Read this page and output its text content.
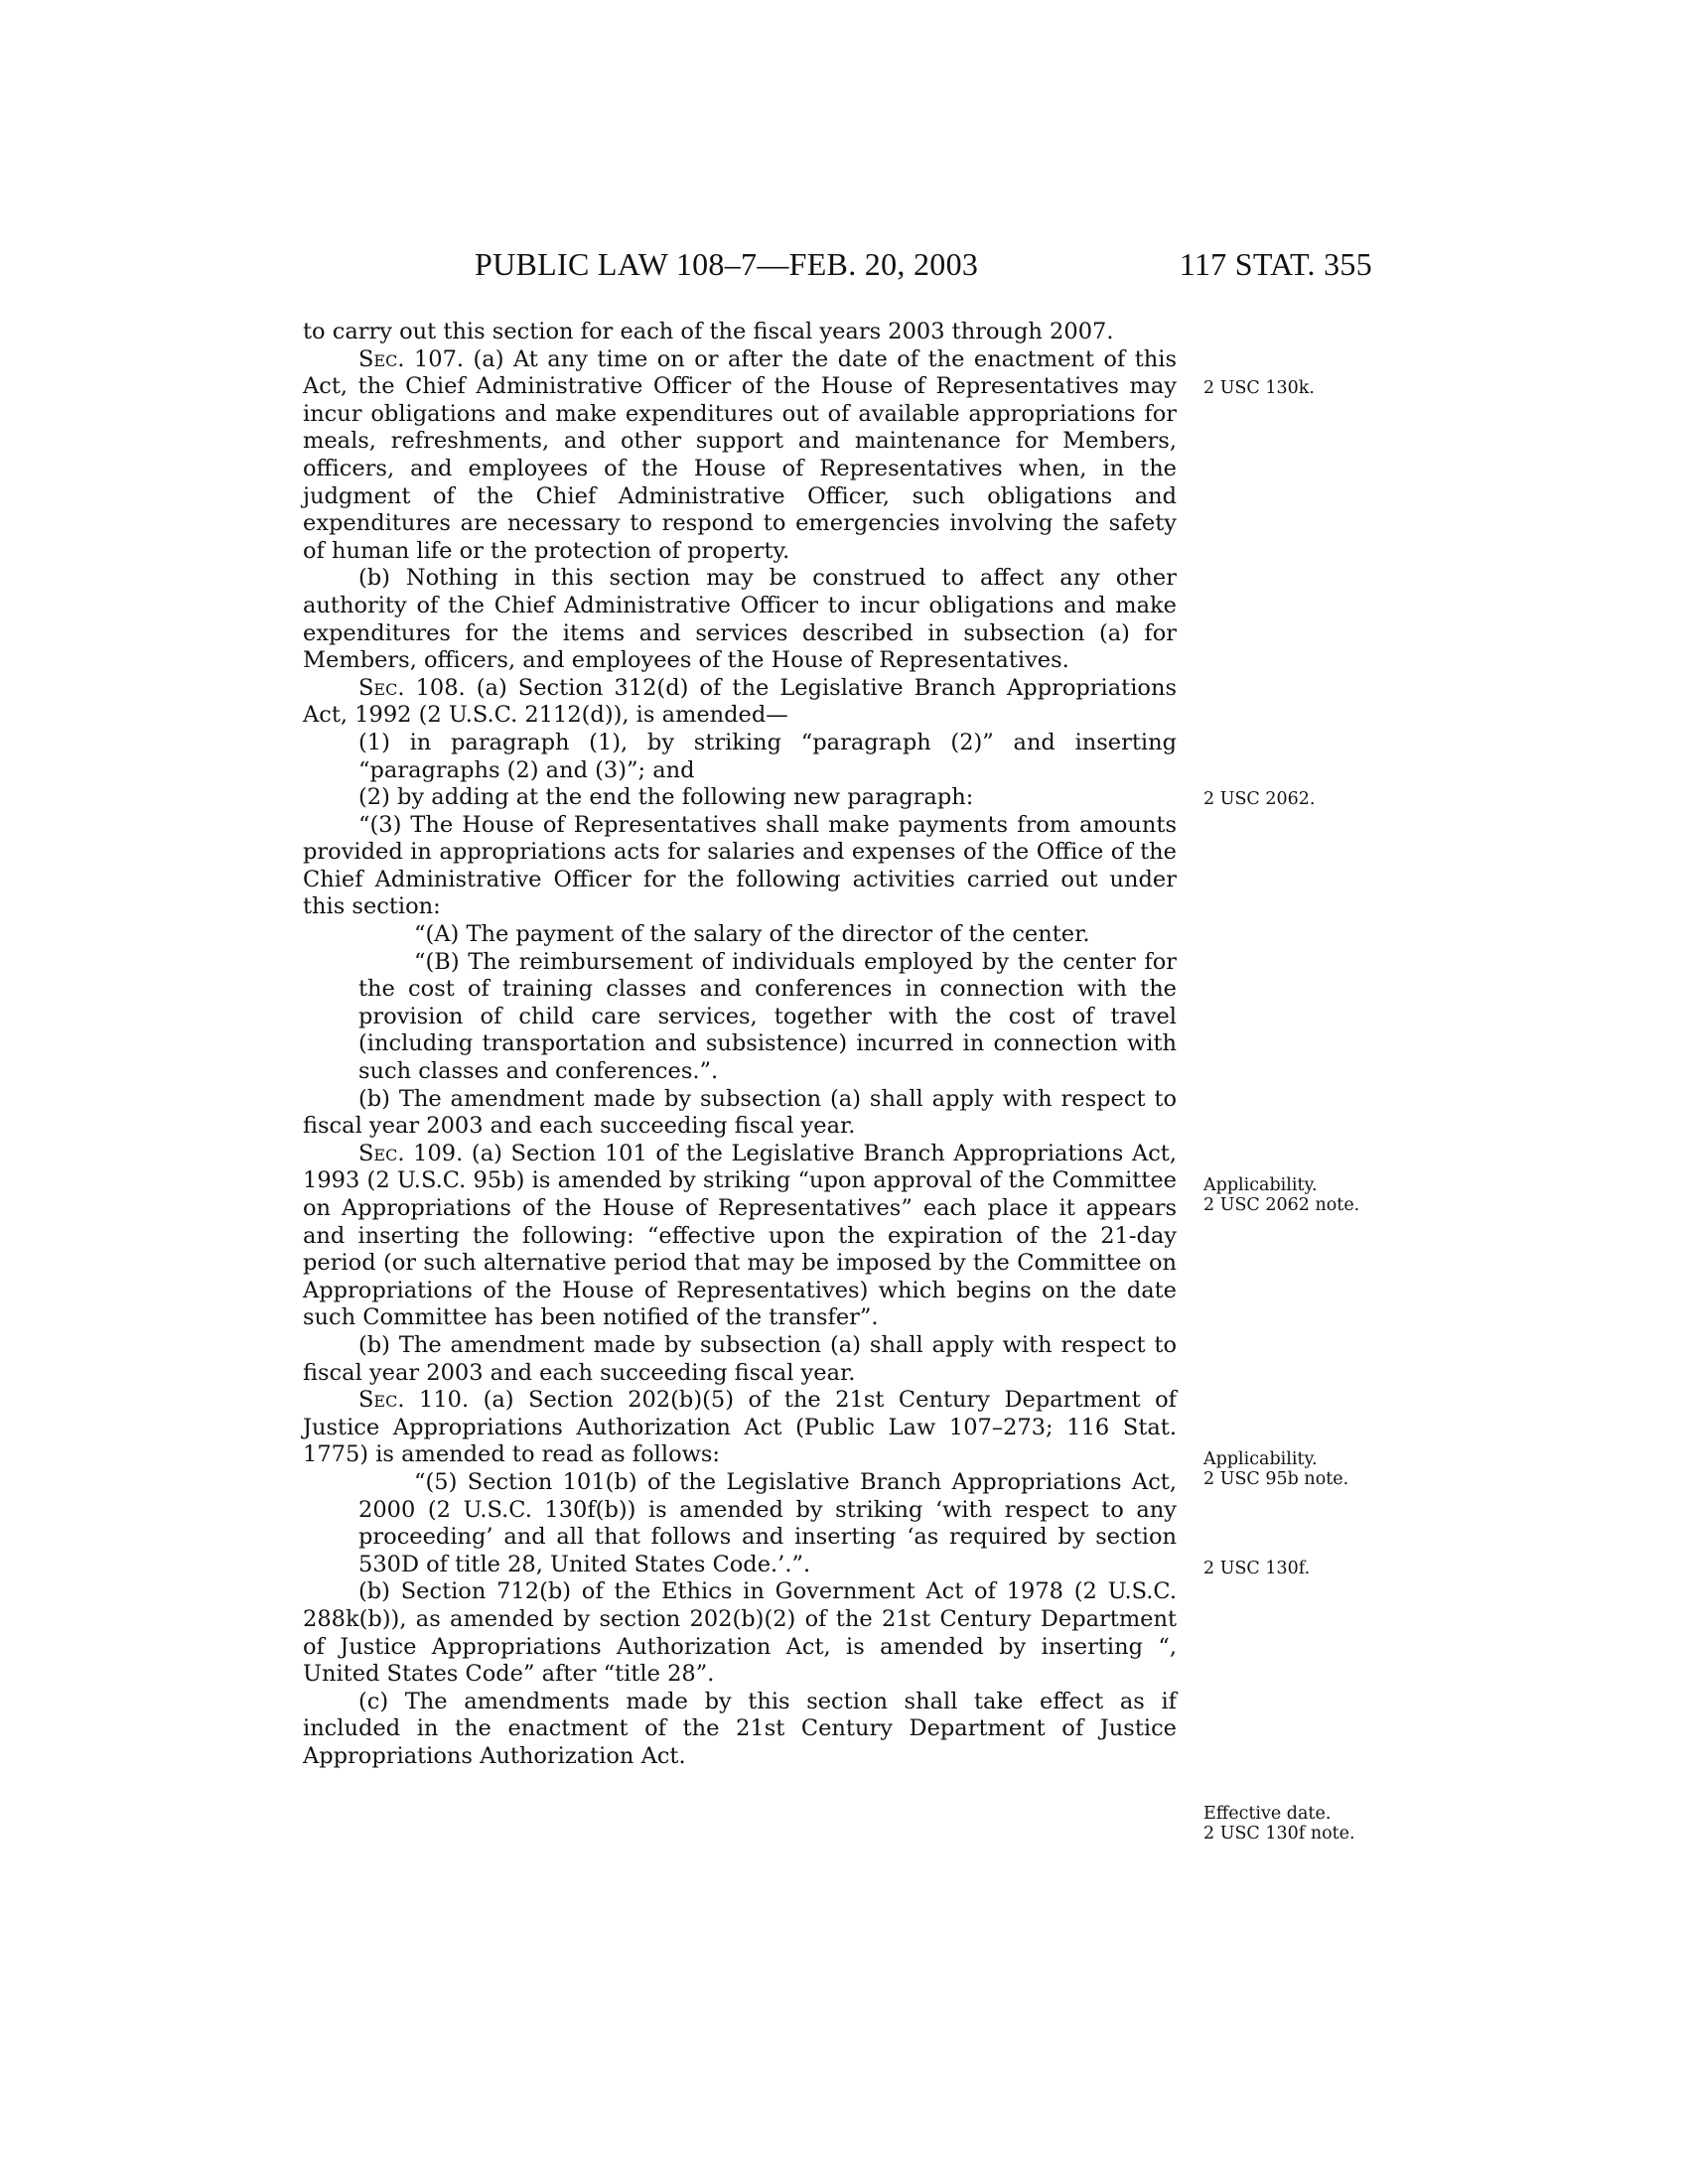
PUBLIC LAW 108–7—FEB. 20, 2003	117 STAT. 355

to carry out this section for each of the fiscal years 2003 through 2007.

Sec. 107. (a) At any time on or after the date of the enactment of this Act, the Chief Administrative Officer of the House of Representatives may incur obligations and make expenditures out of available appropriations for meals, refreshments, and other support and maintenance for Members, officers, and employees of the House of Representatives when, in the judgment of the Chief Administrative Officer, such obligations and expenditures are necessary to respond to emergencies involving the safety of human life or the protection of property.

(b) Nothing in this section may be construed to affect any other authority of the Chief Administrative Officer to incur obligations and make expenditures for the items and services described in subsection (a) for Members, officers, and employees of the House of Representatives.

Sec. 108. (a) Section 312(d) of the Legislative Branch Appropriations Act, 1992 (2 U.S.C. 2112(d)), is amended—

(1) in paragraph (1), by striking “paragraph (2)” and inserting “paragraphs (2) and (3)”; and

(2) by adding at the end the following new paragraph:

“(3) The House of Representatives shall make payments from amounts provided in appropriations acts for salaries and expenses of the Office of the Chief Administrative Officer for the following activities carried out under this section:

“(A) The payment of the salary of the director of the center.

“(B) The reimbursement of individuals employed by the center for the cost of training classes and conferences in connection with the provision of child care services, together with the cost of travel (including transportation and subsistence) incurred in connection with such classes and conferences.”.

(b) The amendment made by subsection (a) shall apply with respect to fiscal year 2003 and each succeeding fiscal year.

Sec. 109. (a) Section 101 of the Legislative Branch Appropriations Act, 1993 (2 U.S.C. 95b) is amended by striking “upon approval of the Committee on Appropriations of the House of Representatives” each place it appears and inserting the following: “effective upon the expiration of the 21-day period (or such alternative period that may be imposed by the Committee on Appropriations of the House of Representatives) which begins on the date such Committee has been notified of the transfer”.

(b) The amendment made by subsection (a) shall apply with respect to fiscal year 2003 and each succeeding fiscal year.

Sec. 110. (a) Section 202(b)(5) of the 21st Century Department of Justice Appropriations Authorization Act (Public Law 107–273; 116 Stat. 1775) is amended to read as follows:

“(5) Section 101(b) of the Legislative Branch Appropriations Act, 2000 (2 U.S.C. 130f(b)) is amended by striking ‘with respect to any proceeding’ and all that follows and inserting ‘as required by section 530D of title 28, United States Code.’.”.

(b) Section 712(b) of the Ethics in Government Act of 1978 (2 U.S.C. 288k(b)), as amended by section 202(b)(2) of the 21st Century Department of Justice Appropriations Authorization Act, is amended by inserting “, United States Code” after “title 28”.

(c) The amendments made by this section shall take effect as if included in the enactment of the 21st Century Department of Justice Appropriations Authorization Act.

2 USC 130k.
2 USC 2062.
Applicability.
2 USC 2062 note.
Applicability.
2 USC 95b note.
2 USC 130f.
Effective date.
2 USC 130f note.
